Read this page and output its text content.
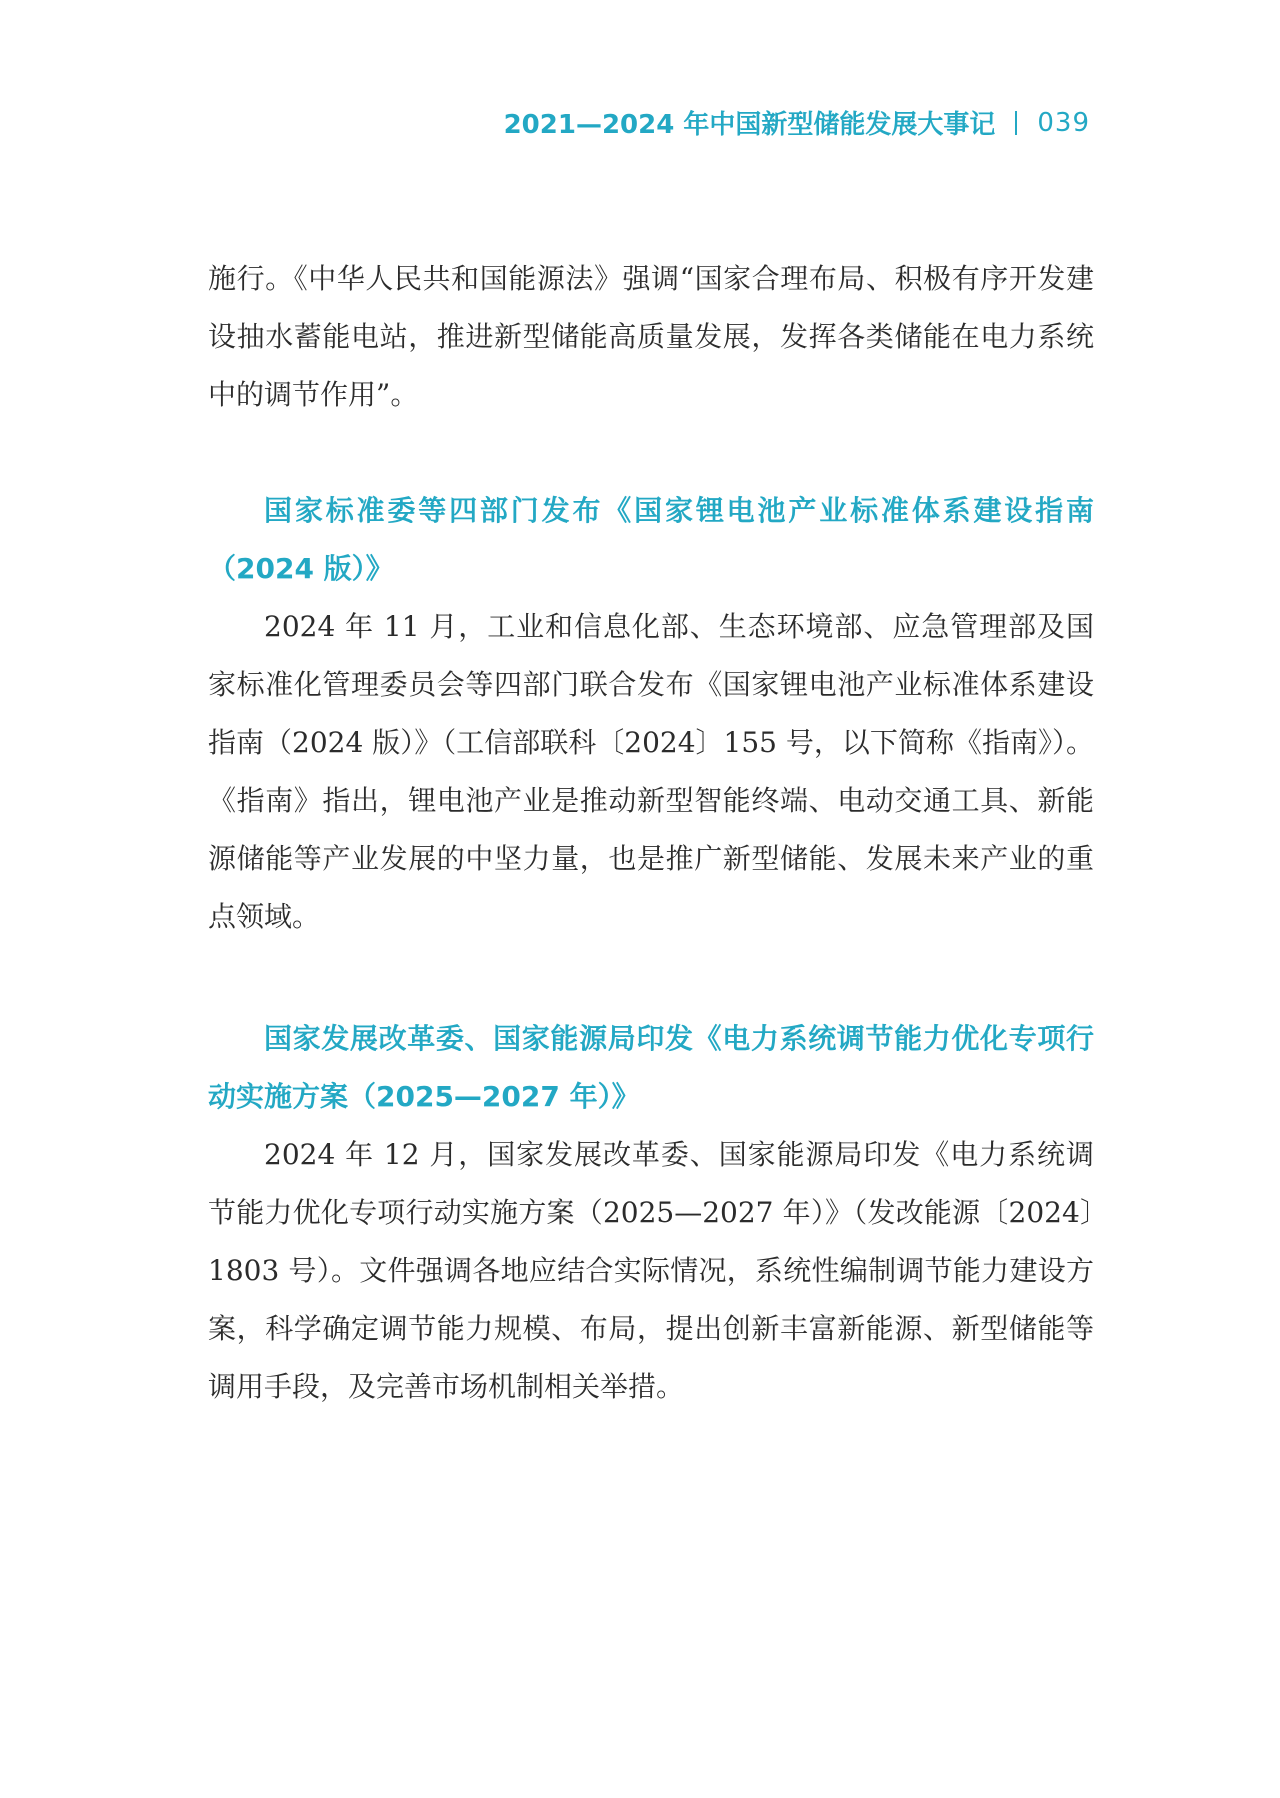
2021—2024 年中国新型储能发展大事记 039

施行。《中华人民共和国能源法》强调“国家合理布局、积极有序开发建设抽水蓄能电站，推进新型储能高质量发展，发挥各类储能在电力系统中的调节作用”。

国家标准委等四部门发布《国家锂电池产业标准体系建设指南（2024 版）》

2024 年 11 月，工业和信息化部、生态环境部、应急管理部及国家标准化管理委员会等四部门联合发布《国家锂电池产业标准体系建设指南（2024 版）》（工信部联科〔2024〕155 号，以下简称《指南》）。《指南》指出，锂电池产业是推动新型智能终端、电动交通工具、新能源储能等产业发展的中坚力量，也是推广新型储能、发展未来产业的重点领域。

国家发展改革委、国家能源局印发《电力系统调节能力优化专项行动实施方案（2025—2027 年）》

2024 年 12 月，国家发展改革委、国家能源局印发《电力系统调节能力优化专项行动实施方案（2025—2027 年）》（发改能源〔2024〕1803 号）。文件强调各地应结合实际情况，系统性编制调节能力建设方案，科学确定调节能力规模、布局，提出创新丰富新能源、新型储能等调用手段，及完善市场机制相关举措。
